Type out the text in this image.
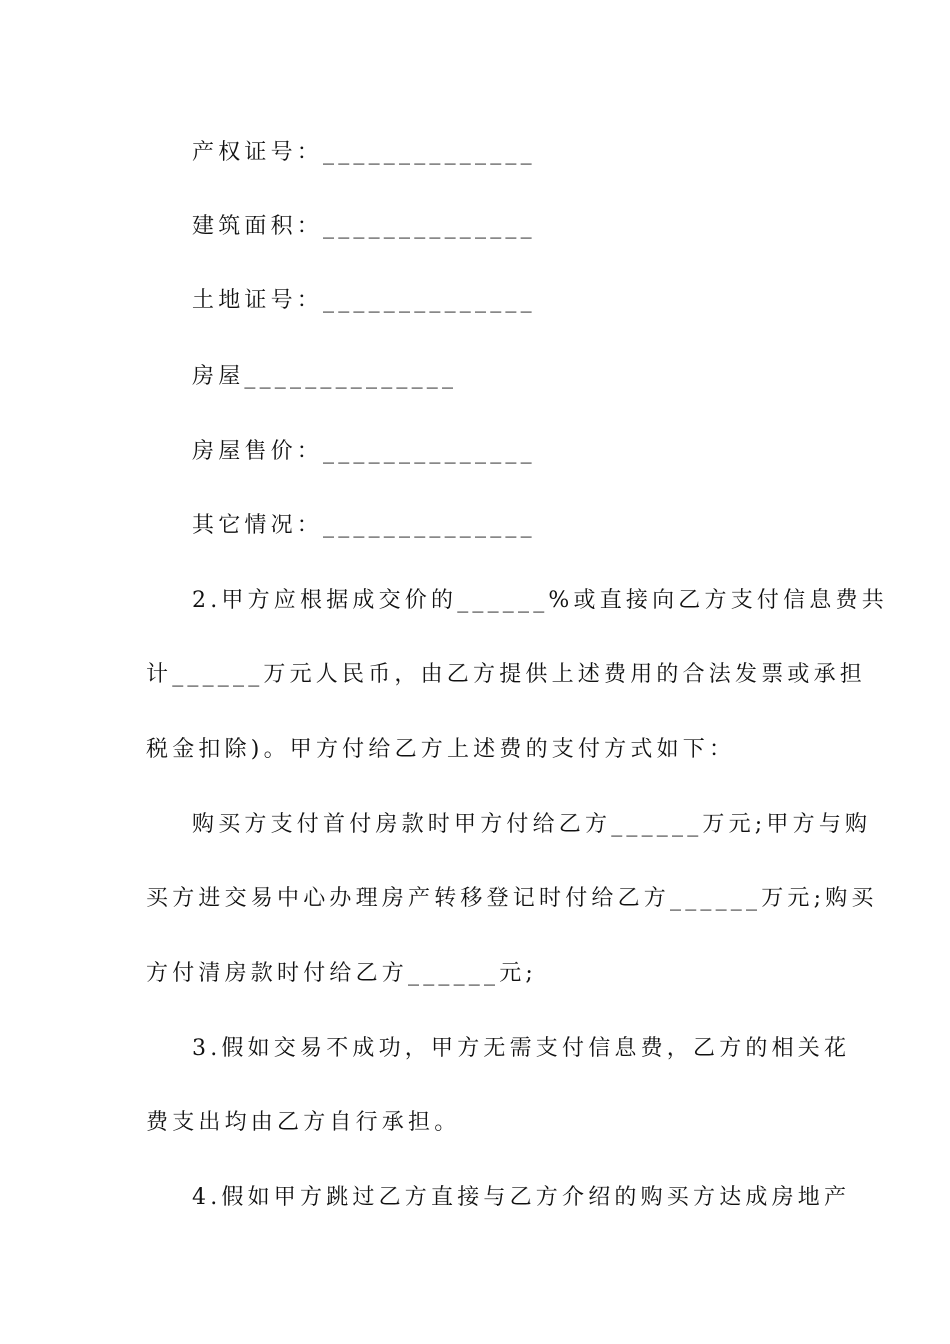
产权证号：______________
建筑面积：______________
土地证号：______________
房屋______________
房屋售价：______________
其它情况：______________
2.甲方应根据成交价的______%或直接向乙方支付信息费共
计______万元人民币，由乙方提供上述费用的合法发票或承担
税金扣除)。甲方付给乙方上述费的支付方式如下：
购买方支付首付房款时甲方付给乙方______万元;甲方与购
买方进交易中心办理房产转移登记时付给乙方______万元;购买
方付清房款时付给乙方______元;
3.假如交易不成功，甲方无需支付信息费，乙方的相关花
费支出均由乙方自行承担。
4.假如甲方跳过乙方直接与乙方介绍的购买方达成房地产
